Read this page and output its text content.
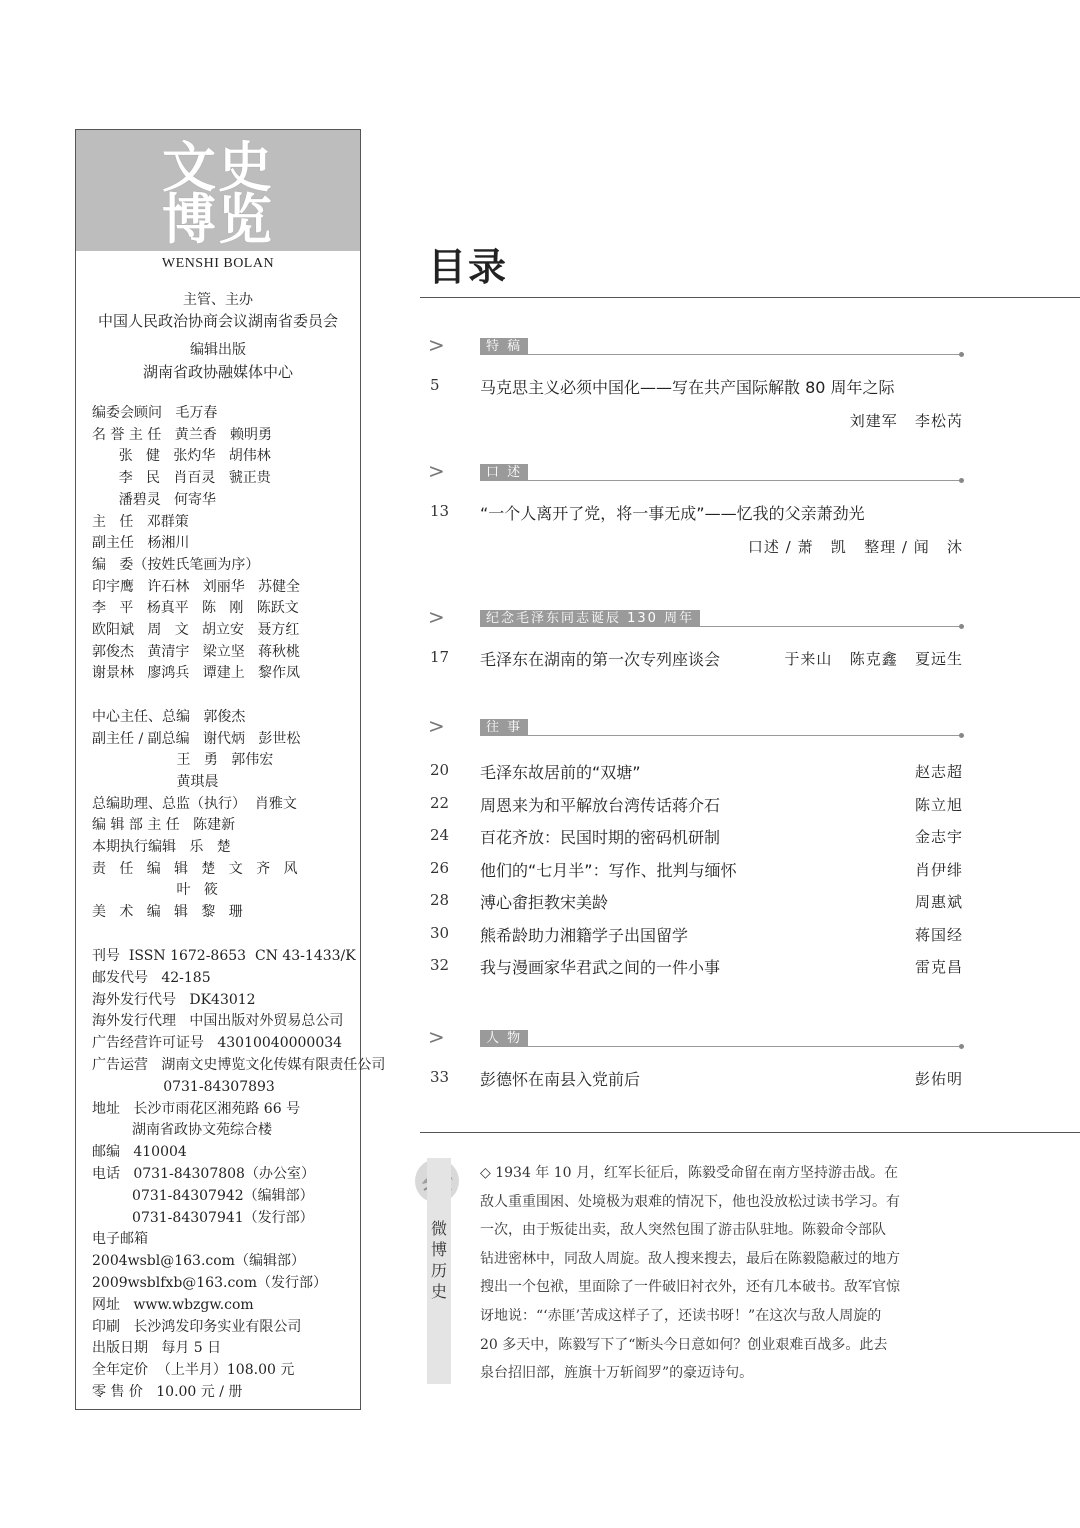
文 史
博 览
WENSHI BOLAN
主管、主办
中国人民政治协商会议湖南省委员会
编辑出版
湖南省政协融媒体中心
编委会顾问   毛万春
名 誉 主 任   黄兰香   赖明勇
张   健   张灼华   胡伟林
李   民   肖百灵   虢正贵
潘碧灵   何寄华
主   任   邓群策
副主任   杨湘川
编   委（按姓氏笔画为序）
印宇鹰   许石林   刘丽华   苏健全
李   平   杨真平   陈   刚   陈跃文
欧阳斌   周   文   胡立安   聂方红
郭俊杰   黄清宇   梁立坚   蒋秋桃
谢景林   廖鸿兵   谭建上   黎作凤
中心主任、总编   郭俊杰
副主任 / 副总编   谢代炳   彭世松
王   勇   郭伟宏
黄琪晨
总编助理、总监（执行）  肖雅文
编 辑 部 主 任   陈建新
本期执行编辑   乐   楚
责   任   编   辑   楚   文   齐   风
叶   筱
美   术   编   辑   黎   珊
刊号  ISSN 1672-8653  CN 43-1433/K
邮发代号   42-185
海外发行代号   DK43012
海外发行代理   中国出版对外贸易总公司
广告经营许可证号   43010040000034
广告运营   湖南文史博览文化传媒有限责任公司
0731-84307893
地址   长沙市雨花区湘苑路 66 号
湖南省政协文苑综合楼
邮编   410004
电话   0731-84307808（办公室）
0731-84307942（编辑部）
0731-84307941（发行部）
电子邮箱
2004wsbl@163.com（编辑部）
2009wsblfxb@163.com（发行部）
网址   www.wbzgw.com
印刷   长沙鸿发印务实业有限公司
出版日期   每月 5 日
全年定价  （上半月）108.00 元
零 售 价   10.00 元 / 册
目录
>	特 稿
5	马克思主义必须中国化——写在共产国际解散 80 周年之际
刘建军   李松芮
>	口 述
13 “一个人离开了党，将一事无成”——忆我的父亲萧劲光
口述 / 萧   凯   整理 / 闻   沐
>	纪念毛泽东同志诞辰 130 周年
17 毛泽东在湖南的第一次专列座谈会	于来山   陈克鑫   夏远生
>	往 事
20 毛泽东故居前的“双塘”	赵志超
22 周恩来为和平解放台湾传话蒋介石	陈立旭
24 百花齐放：民国时期的密码机研制	金志宇
26 他们的“七月半”：写作、批判与缅怀	肖伊绯
28 溥心畬拒教宋美龄	周惠斌
30 熊希龄助力湘籍学子出国留学	蒋国经
32 我与漫画家华君武之间的一件小事	雷克昌
>	人 物
33 彭德怀在南县入党前后	彭佑明
微
博
历
史
◇ 1934 年 10 月，红军长征后，陈毅受命留在南方坚持游击战。在
敌人重重围困、处境极为艰难的情况下，他也没放松过读书学习。有
一次，由于叛徒出卖，敌人突然包围了游击队驻地。陈毅命令部队
钻进密林中，同敌人周旋。敌人搜来搜去，最后在陈毅隐蔽过的地方
搜出一个包袱，里面除了一件破旧衬衣外，还有几本破书。敌军官惊
讶地说：“‘赤匪’苦成这样子了，还读书呀！”在这次与敌人周旋的
20 多天中，陈毅写下了“断头今日意如何？创业艰难百战多。此去
泉台招旧部，旌旗十万斩阎罗”的豪迈诗句。
